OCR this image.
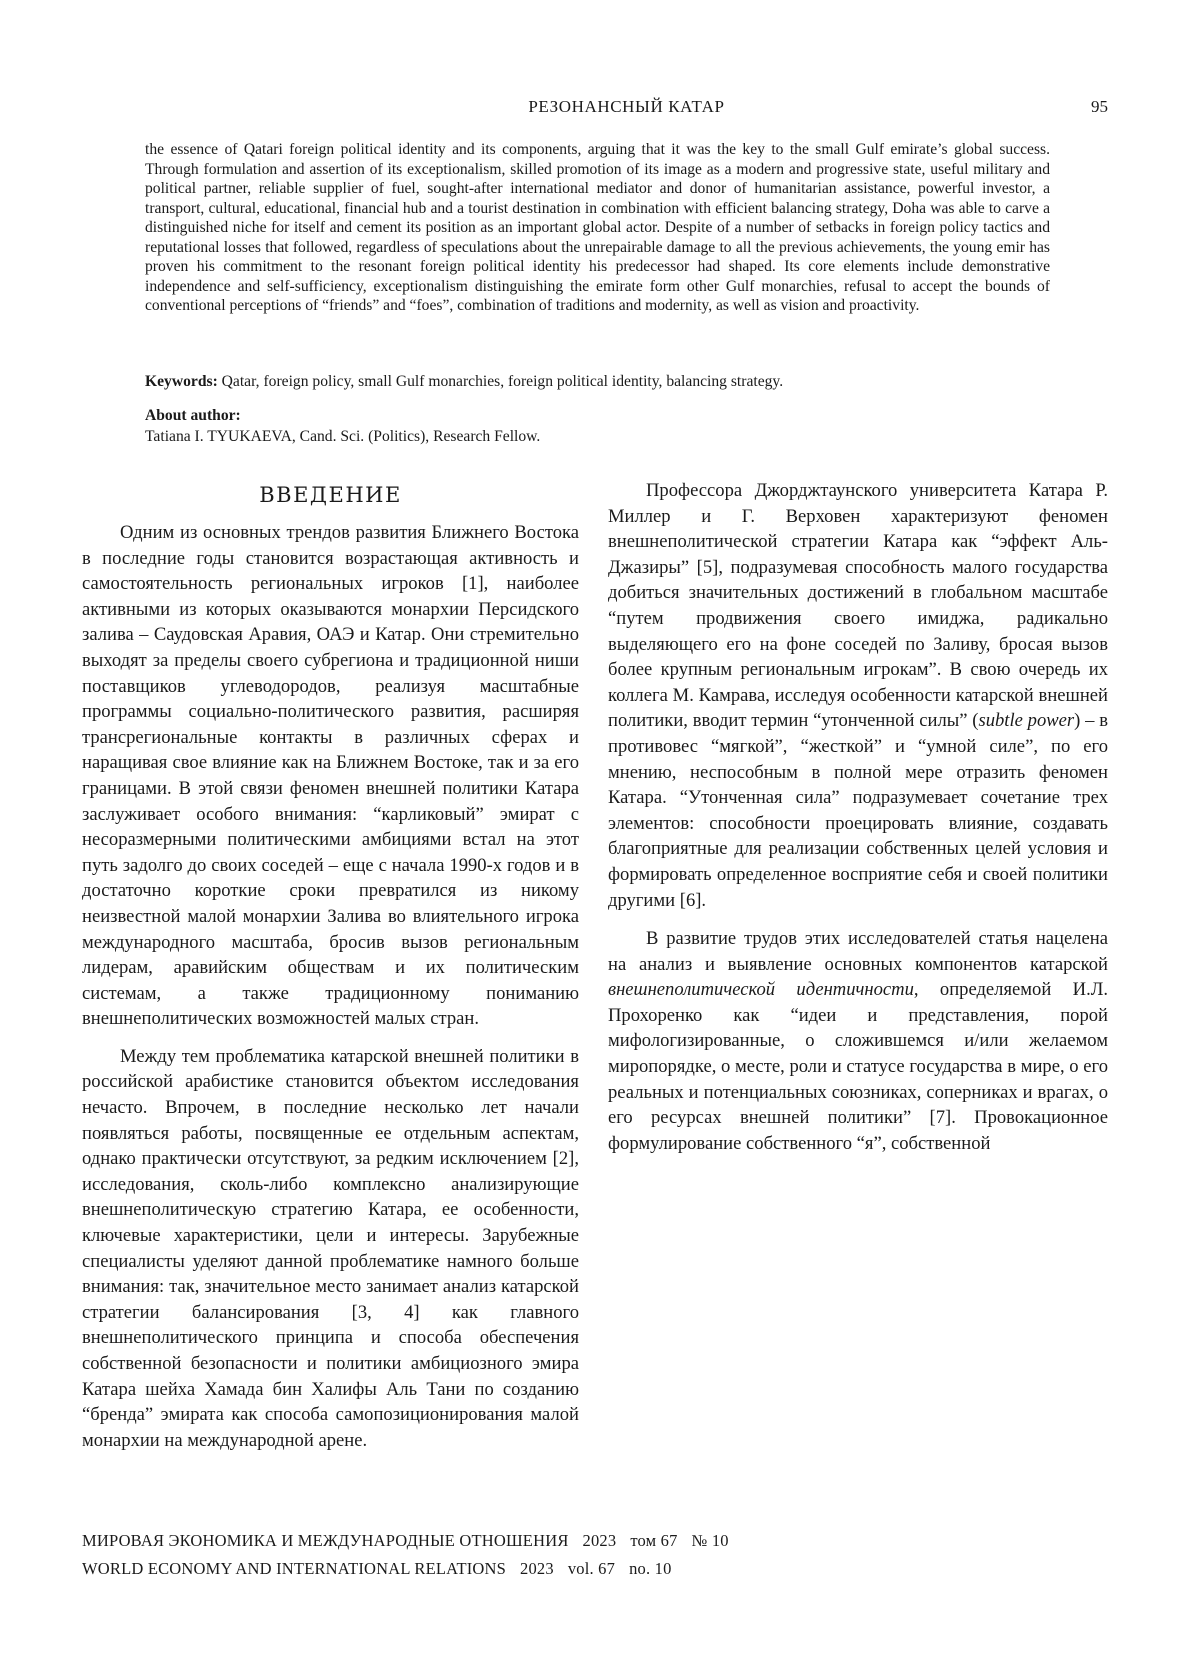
РЕЗОНАНСНЫЙ КАТАР	95

the essence of Qatari foreign political identity and its components, arguing that it was the key to the small Gulf emirate’s global success. Through formulation and assertion of its exceptionalism, skilled promotion of its image as a modern and progressive state, useful military and political partner, reliable supplier of fuel, sought-after international mediator and donor of humanitarian assistance, powerful investor, a transport, cultural, educational, financial hub and a tourist destination in combination with efficient balancing strategy, Doha was able to carve a distinguished niche for itself and cement its position as an important global actor. Despite of a number of setbacks in foreign policy tactics and reputational losses that followed, regardless of speculations about the unrepairable damage to all the previous achievements, the young emir has proven his commitment to the resonant foreign political identity his predecessor had shaped. Its core elements include demonstrative independence and self-sufficiency, exceptionalism distinguishing the emirate form other Gulf monarchies, refusal to accept the bounds of conventional perceptions of “friends” and “foes”, combination of traditions and modernity, as well as vision and proactivity.

Keywords: Qatar, foreign policy, small Gulf monarchies, foreign political identity, balancing strategy.
About author:
Tatiana I. TYUKAEVA, Cand. Sci. (Politics), Research Fellow.

ВВЕДЕНИЕ

Одним из основных трендов развития Ближнего Востока в последние годы становится возрастающая активность и самостоятельность региональных игроков [1], наиболее активными из которых оказываются монархии Персидского залива – Саудовская Аравия, ОАЭ и Катар. Они стремительно выходят за пределы своего субрегиона и традиционной ниши поставщиков углеводородов, реализуя масштабные программы социально-политического развития, расширяя трансрегиональные контакты в различных сферах и наращивая свое влияние как на Ближнем Востоке, так и за его границами. В этой связи феномен внешней политики Катара заслуживает особого внимания: “карликовый” эмират с несоразмерными политическими амбициями встал на этот путь задолго до своих соседей – еще с начала 1990-х годов и в достаточно короткие сроки превратился из никому неизвестной малой монархии Залива во влиятельного игрока международного масштаба, бросив вызов региональным лидерам, аравийским обществам и их политическим системам, а также традиционному пониманию внешнеполитических возможностей малых стран.

Между тем проблематика катарской внешней политики в российской арабистике становится объектом исследования нечасто. Впрочем, в последние несколько лет начали появляться работы, посвященные ее отдельным аспектам, однако практически отсутствуют, за редким исключением [2], исследования, сколь-либо комплексно анализирующие внешнеполитическую стратегию Катара, ее особенности, ключевые характеристики, цели и интересы. Зарубежные специалисты уделяют данной проблематике намного больше внимания: так, значительное место занимает анализ катарской стратегии балансирования [3, 4] как главного внешнеполитического принципа и способа обеспечения собственной безопасности и политики амбициозного эмира Катара шейха Хамада бин Халифы Аль Тани по созданию “бренда” эмирата как способа самопозиционирования малой монархии на международной арене.

Профессора Джорджтаунского университета Катара Р. Миллер и Г. Верховен характеризуют феномен внешнеполитической стратегии Катара как “эффект Аль-Джазиры” [5], подразумевая способность малого государства добиться значительных достижений в глобальном масштабе “путем продвижения своего имиджа, радикально выделяющего его на фоне соседей по Заливу, бросая вызов более крупным региональным игрокам”. В свою очередь их коллега М. Камрава, исследуя особенности катарской внешней политики, вводит термин “утонченной силы” (subtle power) – в противовес “мягкой”, “жесткой” и “умной силе”, по его мнению, неспособным в полной мере отразить феномен Катара. “Утонченная сила” подразумевает сочетание трех элементов: способности проецировать влияние, создавать благоприятные для реализации собственных целей условия и формировать определенное восприятие себя и своей политики другими [6].

В развитие трудов этих исследователей статья нацелена на анализ и выявление основных компонентов катарской внешнеполитической идентичности, определяемой И.Л. Прохоренко как “идеи и представления, порой мифологизированные, о сложившемся и/или желаемом миропорядке, о месте, роли и статусе государства в мире, о его реальных и потенциальных союзниках, соперниках и врагах, о его ресурсах внешней политики” [7]. Провокационное формулирование собственного “я”, собственной

МИРОВАЯ ЭКОНОМИКА И МЕЖДУНАРОДНЫЕ ОТНОШЕНИЯ 2023 том 67 № 10
WORLD ECONOMY AND INTERNATIONAL RELATIONS 2023 vol. 67 no. 10
